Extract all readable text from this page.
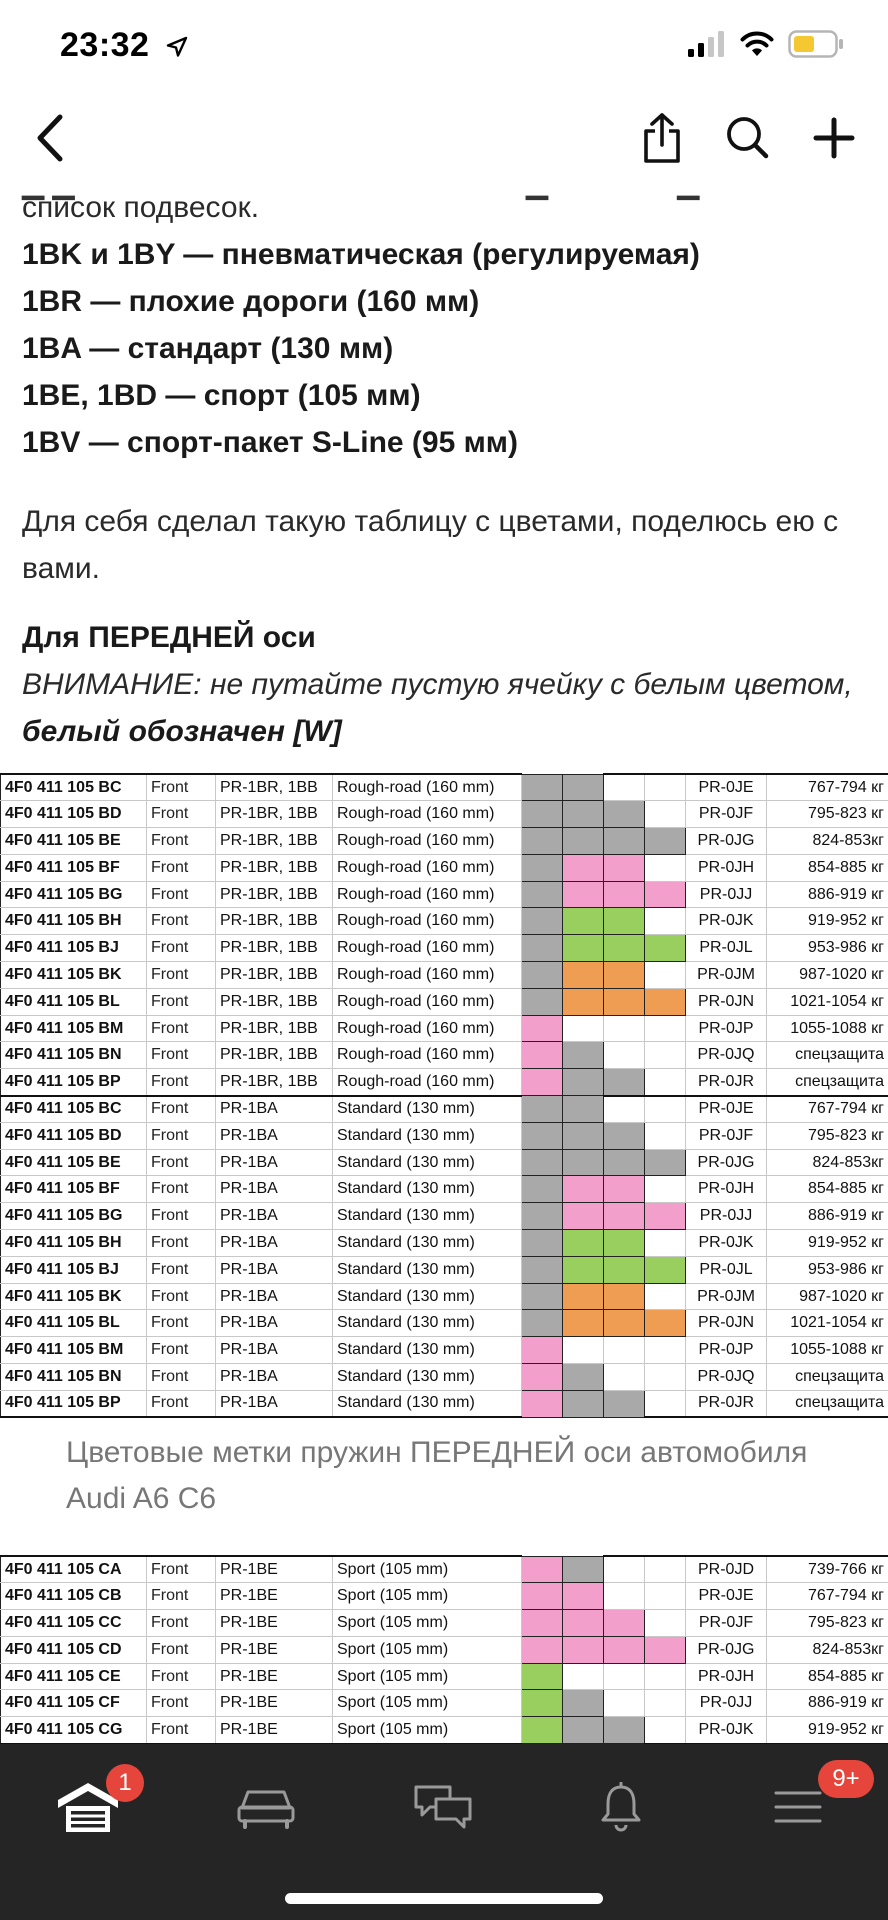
23:32
▁ ▁                                                        ▁                ▁
список подвесок.
1BK и 1BY — пневматическая (регулируемая)
1BR — плохие дороги (160 мм)
1BA — стандарт (130 мм)
1BE, 1BD — спорт (105 мм)
1BV — спорт-пакет S-Line (95 мм)
Для себя сделал такую таблицу с цветами, поделюсь ею с вами.
Для ПЕРЕДНЕЙ оси
ВНИМАНИЕ: не путайте пустую ячейку с белым цветом, белый обозначен [W]
4F0 411 105 BC	Front	PR-1BR, 1BB	Rough-road (160 mm)					PR-0JE	767-794 кг
4F0 411 105 BD	Front	PR-1BR, 1BB	Rough-road (160 mm)					PR-0JF	795-823 кг
4F0 411 105 BE	Front	PR-1BR, 1BB	Rough-road (160 mm)					PR-0JG	824-853кг
4F0 411 105 BF	Front	PR-1BR, 1BB	Rough-road (160 mm)					PR-0JH	854-885 кг
4F0 411 105 BG	Front	PR-1BR, 1BB	Rough-road (160 mm)					PR-0JJ	886-919 кг
4F0 411 105 BH	Front	PR-1BR, 1BB	Rough-road (160 mm)					PR-0JK	919-952 кг
4F0 411 105 BJ	Front	PR-1BR, 1BB	Rough-road (160 mm)					PR-0JL	953-986 кг
4F0 411 105 BK	Front	PR-1BR, 1BB	Rough-road (160 mm)					PR-0JM	987-1020 кг
4F0 411 105 BL	Front	PR-1BR, 1BB	Rough-road (160 mm)					PR-0JN	1021-1054 кг
4F0 411 105 BM	Front	PR-1BR, 1BB	Rough-road (160 mm)					PR-0JP	1055-1088 кг
4F0 411 105 BN	Front	PR-1BR, 1BB	Rough-road (160 mm)					PR-0JQ	спецзащита
4F0 411 105 BP	Front	PR-1BR, 1BB	Rough-road (160 mm)					PR-0JR	спецзащита
4F0 411 105 BC	Front	PR-1BA	Standard (130 mm)					PR-0JE	767-794 кг
4F0 411 105 BD	Front	PR-1BA	Standard (130 mm)					PR-0JF	795-823 кг
4F0 411 105 BE	Front	PR-1BA	Standard (130 mm)					PR-0JG	824-853кг
4F0 411 105 BF	Front	PR-1BA	Standard (130 mm)					PR-0JH	854-885 кг
4F0 411 105 BG	Front	PR-1BA	Standard (130 mm)					PR-0JJ	886-919 кг
4F0 411 105 BH	Front	PR-1BA	Standard (130 mm)					PR-0JK	919-952 кг
4F0 411 105 BJ	Front	PR-1BA	Standard (130 mm)					PR-0JL	953-986 кг
4F0 411 105 BK	Front	PR-1BA	Standard (130 mm)					PR-0JM	987-1020 кг
4F0 411 105 BL	Front	PR-1BA	Standard (130 mm)					PR-0JN	1021-1054 кг
4F0 411 105 BM	Front	PR-1BA	Standard (130 mm)					PR-0JP	1055-1088 кг
4F0 411 105 BN	Front	PR-1BA	Standard (130 mm)					PR-0JQ	спецзащита
4F0 411 105 BP	Front	PR-1BA	Standard (130 mm)					PR-0JR	спецзащита
Цветовые метки пружин ПЕРЕДНЕЙ оси автомобиля Audi A6 C6
4F0 411 105 CA	Front	PR-1BE	Sport (105 mm)					PR-0JD	739-766 кг
4F0 411 105 CB	Front	PR-1BE	Sport (105 mm)					PR-0JE	767-794 кг
4F0 411 105 CC	Front	PR-1BE	Sport (105 mm)					PR-0JF	795-823 кг
4F0 411 105 CD	Front	PR-1BE	Sport (105 mm)					PR-0JG	824-853кг
4F0 411 105 CE	Front	PR-1BE	Sport (105 mm)					PR-0JH	854-885 кг
4F0 411 105 CF	Front	PR-1BE	Sport (105 mm)					PR-0JJ	886-919 кг
4F0 411 105 CG	Front	PR-1BE	Sport (105 mm)					PR-0JK	919-952 кг
1	9+
